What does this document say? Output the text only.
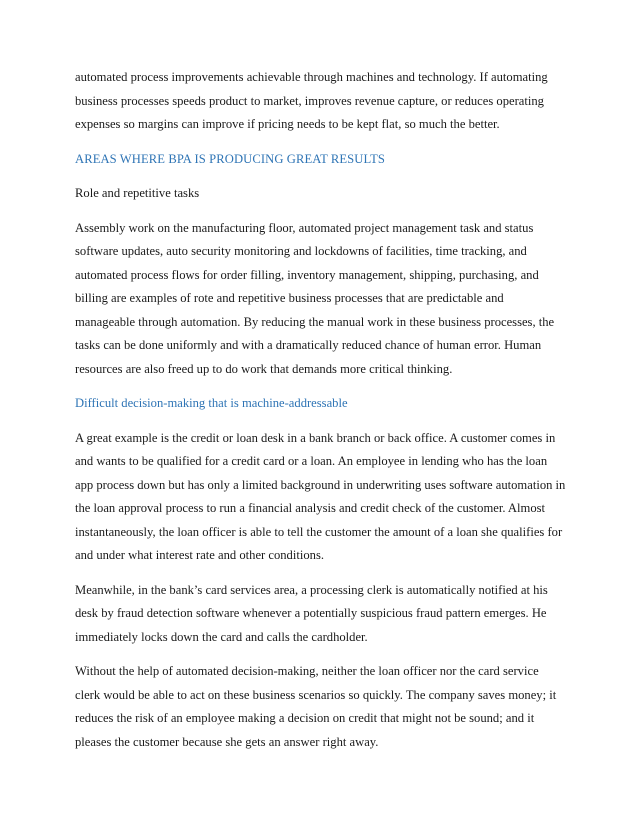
automated process improvements achievable through machines and technology. If automating
business processes speeds product to market, improves revenue capture, or reduces operating
expenses so margins can improve if pricing needs to be kept flat, so much the better.

AREAS WHERE BPA IS PRODUCING GREAT RESULTS

Role and repetitive tasks

Assembly work on the manufacturing floor, automated project management task and status
software updates, auto security monitoring and lockdowns of facilities, time tracking, and
automated process flows for order filling, inventory management, shipping, purchasing, and
billing are examples of rote and repetitive business processes that are predictable and
manageable through automation. By reducing the manual work in these business processes, the
tasks can be done uniformly and with a dramatically reduced chance of human error. Human
resources are also freed up to do work that demands more critical thinking.

Difficult decision-making that is machine-addressable

A great example is the credit or loan desk in a bank branch or back office. A customer comes in
and wants to be qualified for a credit card or a loan. An employee in lending who has the loan
app process down but has only a limited background in underwriting uses software automation in
the loan approval process to run a financial analysis and credit check of the customer. Almost
instantaneously, the loan officer is able to tell the customer the amount of a loan she qualifies for
and under what interest rate and other conditions.

Meanwhile, in the bank’s card services area, a processing clerk is automatically notified at his
desk by fraud detection software whenever a potentially suspicious fraud pattern emerges. He
immediately locks down the card and calls the cardholder.

Without the help of automated decision-making, neither the loan officer nor the card service
clerk would be able to act on these business scenarios so quickly. The company saves money; it
reduces the risk of an employee making a decision on credit that might not be sound; and it
pleases the customer because she gets an answer right away.
